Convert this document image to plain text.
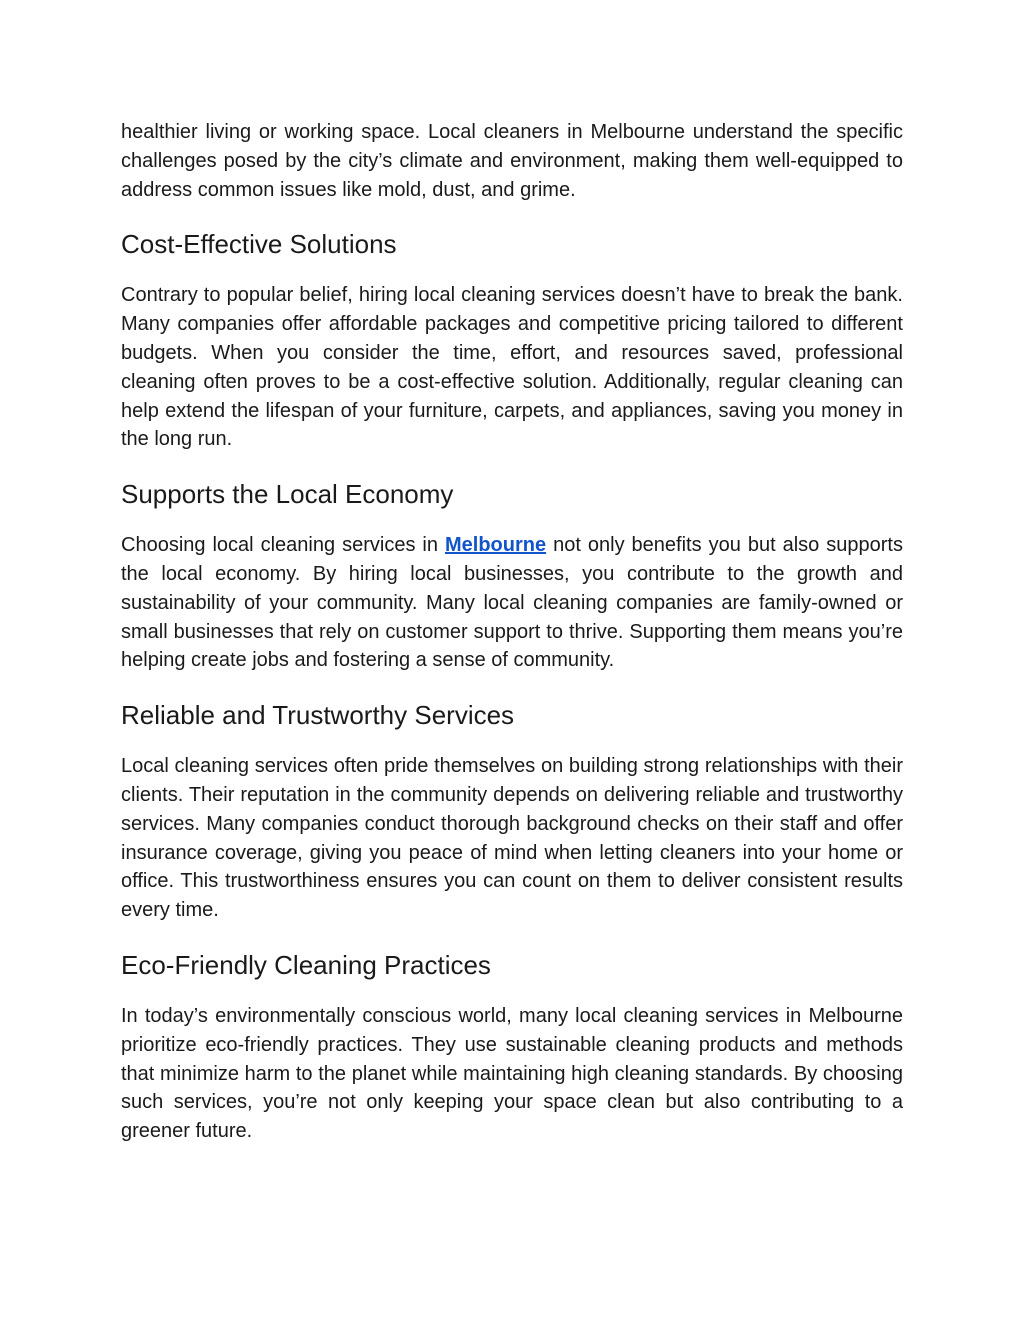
healthier living or working space. Local cleaners in Melbourne understand the specific challenges posed by the city’s climate and environment, making them well-equipped to address common issues like mold, dust, and grime.

Cost-Effective Solutions

Contrary to popular belief, hiring local cleaning services doesn’t have to break the bank. Many companies offer affordable packages and competitive pricing tailored to different budgets. When you consider the time, effort, and resources saved, professional cleaning often proves to be a cost-effective solution. Additionally, regular cleaning can help extend the lifespan of your furniture, carpets, and appliances, saving you money in the long run.

Supports the Local Economy

Choosing local cleaning services in Melbourne not only benefits you but also supports the local economy. By hiring local businesses, you contribute to the growth and sustainability of your community. Many local cleaning companies are family-owned or small businesses that rely on customer support to thrive. Supporting them means you’re helping create jobs and fostering a sense of community.

Reliable and Trustworthy Services

Local cleaning services often pride themselves on building strong relationships with their clients. Their reputation in the community depends on delivering reliable and trustworthy services. Many companies conduct thorough background checks on their staff and offer insurance coverage, giving you peace of mind when letting cleaners into your home or office. This trustworthiness ensures you can count on them to deliver consistent results every time.

Eco-Friendly Cleaning Practices

In today’s environmentally conscious world, many local cleaning services in Melbourne prioritize eco-friendly practices. They use sustainable cleaning products and methods that minimize harm to the planet while maintaining high cleaning standards. By choosing such services, you’re not only keeping your space clean but also contributing to a greener future.
